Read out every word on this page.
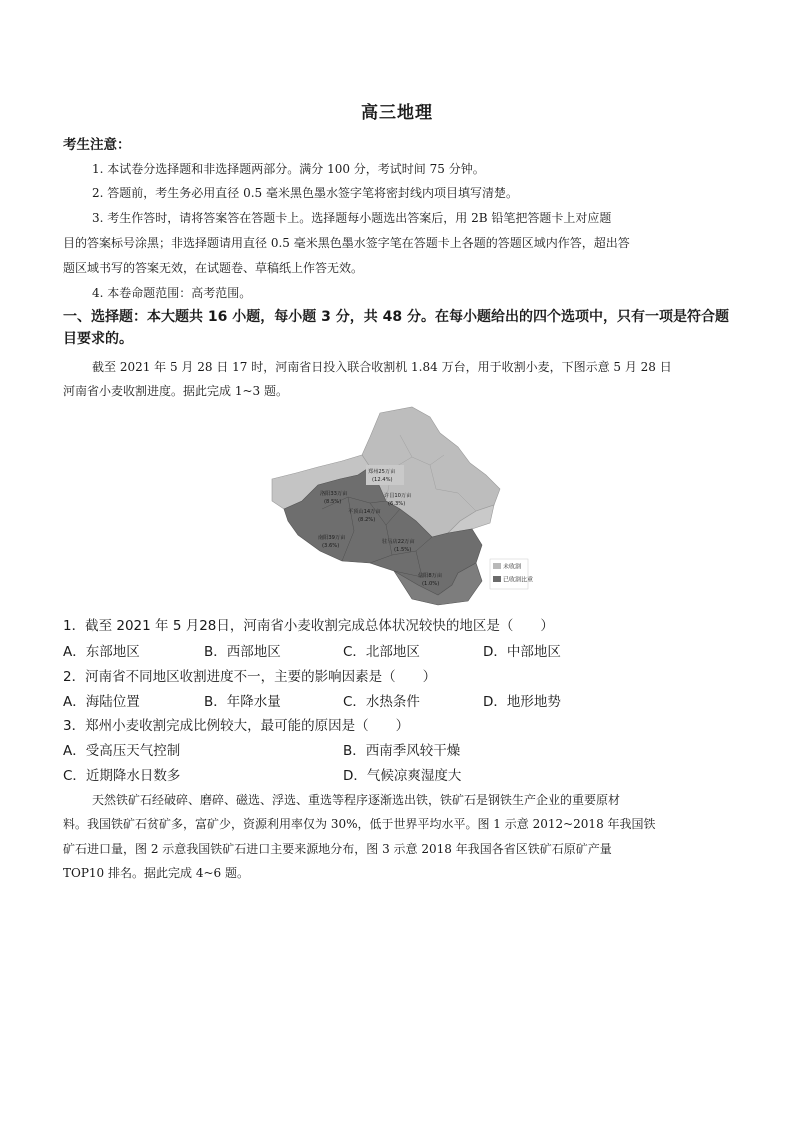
高三地理
考生注意：
1. 本试卷分选择题和非选择题两部分。满分 100 分，考试时间 75 分钟。
2. 答题前，考生务必用直径 0.5 毫米黑色墨水签字笔将密封线内项目填写清楚。
3. 考生作答时，请将答案答在答题卡上。选择题每小题选出答案后，用 2B 铅笔把答题卡上对应题
目的答案标号涂黑；非选择题请用直径 0.5 毫米黑色墨水签字笔在答题卡上各题的答题区域内作答，超出答
题区域书写的答案无效，在试题卷、草稿纸上作答无效。
4. 本卷命题范围：高考范围。
一、选择题：本大题共 16 小题，每小题 3 分，共 48 分。在每小题给出的四个选项中，只有一项是符合题目要求的。
截至 2021 年 5 月 28 日 17 时，河南省日投入联合收割机 1.84 万台，用于收割小麦，下图示意 5 月 28 日
河南省小麦收割进度。据此完成 1~3 题。
郑州25万亩
(12.4%)
洛阳33万亩
(8.5%)
许昌10万亩
(6.3%)
平顶山14万亩
(8.2%)
南阳39万亩
(3.6%)
驻马店22万亩
(1.5%)
信阳8万亩
(1.0%)
未收割
已收割比重
1．截至 2021 年 5 月28日，河南省小麦收割完成总体状况较快的地区是（　　）
A．东部地区	B．西部地区	C．北部地区	D．中部地区
2．河南省不同地区收割进度不一，主要的影响因素是（　　）
A．海陆位置	B．年降水量	C．水热条件	D．地形地势
3．郑州小麦收割完成比例较大，最可能的原因是（　　）
A．受高压天气控制	B．西南季风较干燥
C．近期降水日数多	D．气候凉爽湿度大
天然铁矿石经破碎、磨碎、磁选、浮选、重选等程序逐渐选出铁，铁矿石是钢铁生产企业的重要原材
料。我国铁矿石贫矿多，富矿少，资源利用率仅为 30%，低于世界平均水平。图 1 示意 2012~2018 年我国铁
矿石进口量，图 2 示意我国铁矿石进口主要来源地分布，图 3 示意 2018 年我国各省区铁矿石原矿产量
TOP10 排名。据此完成 4~6 题。
